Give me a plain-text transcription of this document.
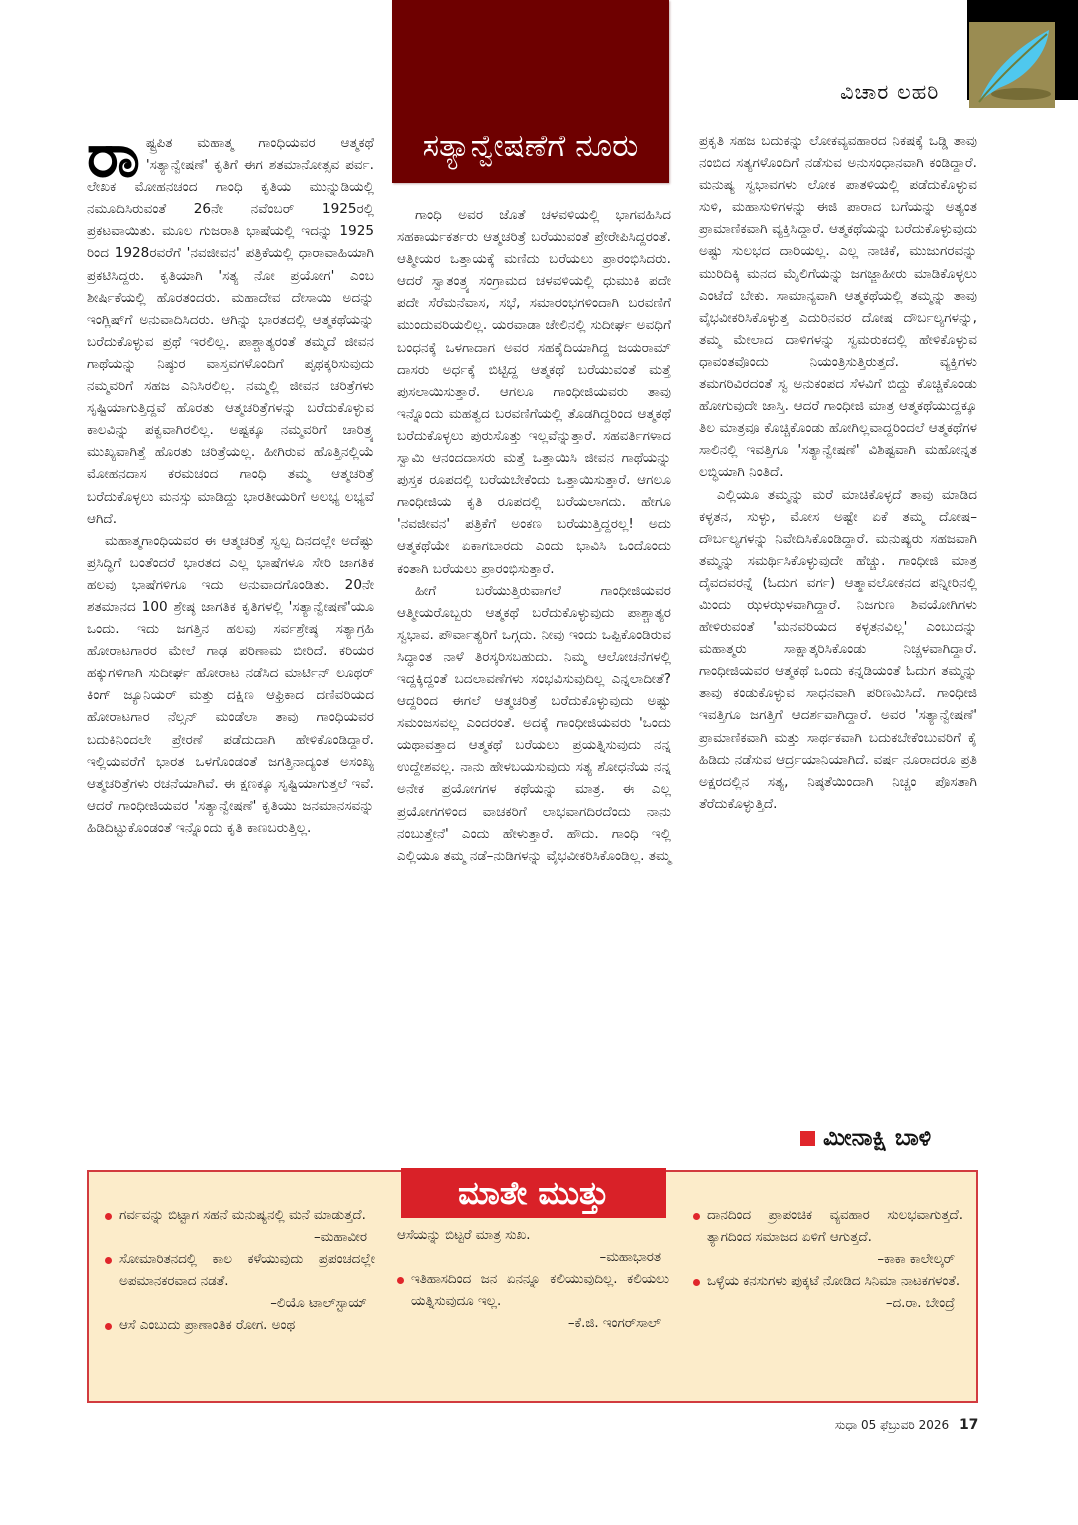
ವಿಚಾರ ಲಹರಿ
ಸತ್ಯಾನ್ವೇಷಣೆಗೆ ನೂರು

ರಾಷ್ಟ್ರಪಿತ ಮಹಾತ್ಮ ಗಾಂಧಿಯವರ ಆತ್ಮಕಥೆ 'ಸತ್ಯಾನ್ವೇಷಣೆ' ಕೃತಿಗೆ ಈಗ ಶತಮಾನೋತ್ಸವ ಪರ್ವ. ಲೇಖಕ ಮೋಹನಚಂದ ಗಾಂಧಿ ಕೃತಿಯ ಮುನ್ನುಡಿಯಲ್ಲಿ ನಮೂದಿಸಿರುವಂತೆ 26ನೇ ನವೆಂಬರ್ 1925ರಲ್ಲಿ ಪ್ರಕಟವಾಯಿತು. ಮೂಲ ಗುಜರಾತಿ ಭಾಷೆಯಲ್ಲಿ ಇದನ್ನು 1925 ರಿಂದ 1928ರವರೆಗೆ 'ನವಜೀವನ' ಪತ್ರಿಕೆಯಲ್ಲಿ ಧಾರಾವಾಹಿಯಾಗಿ ಪ್ರಕಟಿಸಿದ್ದರು. ಕೃತಿಯಾಗಿ 'ಸತ್ಯ ನೋ ಪ್ರಯೋಗ' ಎಂಬ ಶೀರ್ಷಿಕೆಯಲ್ಲಿ ಹೊರತಂದರು. ಮಹಾದೇವ ದೇಸಾಯಿ ಅದನ್ನು ಇಂಗ್ಲಿಷ್‌ಗೆ ಅನುವಾದಿಸಿದರು. ಆಗಿನ್ನು ಭಾರತದಲ್ಲಿ ಆತ್ಮಕಥೆಯನ್ನು ಬರೆದುಕೊಳ್ಳುವ ಪ್ರಥೆ ಇರಲಿಲ್ಲ. ಪಾಶ್ಚಾತ್ಯರಂತೆ ತಮ್ಮದೆ ಜೀವನ ಗಾಥೆಯನ್ನು ನಿಷ್ಠುರ ವಾಸ್ತವಗಳೊಂದಿಗೆ ಪೃಥಕ್ಕರಿಸುವುದು ನಮ್ಮವರಿಗೆ ಸಹಜ ಎನಿಸಿರಲಿಲ್ಲ. ನಮ್ಮಲ್ಲಿ ಜೀವನ ಚರಿತ್ರೆಗಳು ಸೃಷ್ಟಿಯಾಗುತ್ತಿದ್ದವೆ ಹೊರತು ಆತ್ಮಚರಿತ್ರೆಗಳನ್ನು ಬರೆದುಕೊಳ್ಳುವ ಕಾಲವಿನ್ನು ಪಕ್ವವಾಗಿರಲಿಲ್ಲ. ಅಷ್ಟಕ್ಕೂ ನಮ್ಮವರಿಗೆ ಚಾರಿತ್ರ್ಯ ಮುಖ್ಯವಾಗಿತ್ತೆ ಹೊರತು ಚರಿತ್ರೆಯಲ್ಲ. ಹೀಗಿರುವ ಹೊತ್ತಿನಲ್ಲಿಯೆ ಮೋಹನದಾಸ ಕರಮಚಂದ ಗಾಂಧಿ ತಮ್ಮ ಆತ್ಮಚರಿತ್ರೆ ಬರೆದುಕೊಳ್ಳಲು ಮನಸ್ಸು ಮಾಡಿದ್ದು ಭಾರತೀಯರಿಗೆ ಅಲಭ್ಯ ಲಭ್ಯವೆ ಆಗಿದೆ.

ಮಹಾತ್ಮಗಾಂಧಿಯವರ ಈ ಆತ್ಮಚರಿತ್ರೆ ಸ್ವಲ್ಪ ದಿನದಲ್ಲೇ ಅದೆಷ್ಟು ಪ್ರಸಿದ್ಧಿಗೆ ಬಂತೆಂದರೆ ಭಾರತದ ಎಲ್ಲ ಭಾಷೆಗಳೂ ಸೇರಿ ಜಾಗತಿಕ ಹಲವು ಭಾಷೆಗಳಿಗೂ ಇದು ಅನುವಾದಗೊಂಡಿತು. 20ನೇ ಶತಮಾನದ 100 ಶ್ರೇಷ್ಠ ಜಾಗತಿಕ ಕೃತಿಗಳಲ್ಲಿ 'ಸತ್ಯಾನ್ವೇಷಣೆ'ಯೂ ಒಂದು. ಇದು ಜಗತ್ತಿನ ಹಲವು ಸರ್ವಶ್ರೇಷ್ಠ ಸತ್ಯಾಗ್ರಹಿ ಹೋರಾಟಗಾರರ ಮೇಲೆ ಗಾಢ ಪರಿಣಾಮ ಬೀರಿದೆ. ಕರಿಯರ ಹಕ್ಕುಗಳಿಗಾಗಿ ಸುದೀರ್ಘ ಹೋರಾಟ ನಡೆಸಿದ ಮಾರ್ಟಿನ್ ಲೂಥರ್ ಕಿಂಗ್ ಜ್ಯೂನಿಯರ್ ಮತ್ತು ದಕ್ಷಿಣ ಆಫ್ರಿಕಾದ ದಣಿವರಿಯದ ಹೋರಾಟಗಾರ ನೆಲ್ಸನ್ ಮಂಡೆಲಾ ತಾವು ಗಾಂಧಿಯವರ ಬದುಕಿನಿಂದಲೇ ಪ್ರೇರಣೆ ಪಡೆದುದಾಗಿ ಹೇಳಿಕೊಂಡಿದ್ದಾರೆ. ಇಲ್ಲಿಯವರೆಗೆ ಭಾರತ ಒಳಗೊಂಡಂತೆ ಜಗತ್ತಿನಾದ್ಯಂತ ಅಸಂಖ್ಯ ಆತ್ಮಚರಿತ್ರೆಗಳು ರಚನೆಯಾಗಿವೆ. ಈ ಕ್ಷಣಕ್ಕೂ ಸೃಷ್ಟಿಯಾಗುತ್ತಲೆ ಇವೆ. ಆದರೆ ಗಾಂಧೀಜಿಯವರ 'ಸತ್ಯಾನ್ವೇಷಣೆ' ಕೃತಿಯು ಜನಮಾನಸವನ್ನು ಹಿಡಿದಿಟ್ಟುಕೊಂಡಂತೆ ಇನ್ನೊಂದು ಕೃತಿ ಕಾಣಬರುತ್ತಿಲ್ಲ.

ಗಾಂಧಿ ಅವರ ಜೊತೆ ಚಳವಳಿಯಲ್ಲಿ ಭಾಗವಹಿಸಿದ ಸಹಕಾರ್ಯಕರ್ತರು ಆತ್ಮಚರಿತ್ರೆ ಬರೆಯುವಂತೆ ಪ್ರೇರೇಪಿಸಿದ್ದರಂತೆ. ಆತ್ಮೀಯರ ಒತ್ತಾಯಕ್ಕೆ ಮಣಿದು ಬರೆಯಲು ಪ್ರಾರಂಭಿಸಿದರು. ಆದರೆ ಸ್ವಾತಂತ್ರ್ಯ ಸಂಗ್ರಾಮದ ಚಳವಳಿಯಲ್ಲಿ ಧುಮುಕಿ ಪದೇ ಪದೇ ಸೆರೆಮನೆವಾಸ, ಸಭೆ, ಸಮಾರಂಭಗಳಿಂದಾಗಿ ಬರವಣಿಗೆ ಮುಂದುವರಿಯಲಿಲ್ಲ. ಯರವಾಡಾ ಜೇಲಿನಲ್ಲಿ ಸುದೀರ್ಘ ಅವಧಿಗೆ ಬಂಧನಕ್ಕೆ ಒಳಗಾದಾಗ ಅವರ ಸಹಕೈದಿಯಾಗಿದ್ದ ಜಯರಾಮ್ ದಾಸರು ಅರ್ಧಕ್ಕೆ ಬಿಟ್ಟಿದ್ದ ಆತ್ಮಕಥೆ ಬರೆಯುವಂತೆ ಮತ್ತೆ ಪುಸಲಾಯಿಸುತ್ತಾರೆ. ಆಗಲೂ ಗಾಂಧೀಜಿಯವರು ತಾವು ಇನ್ನೊಂದು ಮಹತ್ವದ ಬರವಣಿಗೆಯಲ್ಲಿ ತೊಡಗಿದ್ದರಿಂದ ಆತ್ಮಕಥೆ ಬರೆದುಕೊಳ್ಳಲು ಪುರುಸೊತ್ತು ಇಲ್ಲವೆನ್ನುತ್ತಾರೆ. ಸಹವರ್ತಿಗಳಾದ ಸ್ವಾಮಿ ಆನಂದದಾಸರು ಮತ್ತೆ ಒತ್ತಾಯಿಸಿ ಜೀವನ ಗಾಥೆಯನ್ನು ಪುಸ್ತಕ ರೂಪದಲ್ಲಿ ಬರೆಯಬೇಕೆಂದು ಒತ್ತಾಯಿಸುತ್ತಾರೆ. ಆಗಲೂ ಗಾಂಧೀಜಿಯ ಕೃತಿ ರೂಪದಲ್ಲಿ ಬರೆಯಲಾಗದು. ಹೇಗೂ 'ನವಜೀವನ' ಪತ್ರಿಕೆಗೆ ಅಂಕಣ ಬರೆಯುತ್ತಿದ್ದರಲ್ಲ! ಅದು ಆತ್ಮಕಥೆಯೇ ಏಕಾಗಬಾರದು ಎಂದು ಭಾವಿಸಿ ಒಂದೊಂದು ಕಂತಾಗಿ ಬರೆಯಲು ಪ್ರಾರಂಭಿಸುತ್ತಾರೆ.

ಹೀಗೆ ಬರೆಯುತ್ತಿರುವಾಗಲೆ ಗಾಂಧೀಜಿಯವರ ಆತ್ಮೀಯರೊಬ್ಬರು ಆತ್ಮಕಥೆ ಬರೆದುಕೊಳ್ಳುವುದು ಪಾಶ್ಚಾತ್ಯರ ಸ್ವಭಾವ. ಪೌರ್ವಾತ್ಯರಿಗೆ ಒಗ್ಗದು. ನೀವು ಇಂದು ಒಪ್ಪಿಕೊಂಡಿರುವ ಸಿದ್ಧಾಂತ ನಾಳೆ ತಿರಸ್ಕರಿಸಬಹುದು. ನಿಮ್ಮ ಆಲೋಚನೆಗಳಲ್ಲಿ ಇದ್ದಕ್ಕಿದ್ದಂತೆ ಬದಲಾವಣೆಗಳು ಸಂಭವಿಸುವುದಿಲ್ಲ ಎನ್ನಲಾದೀತೆ? ಆದ್ದರಿಂದ ಈಗಲೆ ಆತ್ಮಚರಿತ್ರೆ ಬರೆದುಕೊಳ್ಳುವುದು ಅಷ್ಟು ಸಮಂಜಸವಲ್ಲ ಎಂದರಂತೆ. ಅದಕ್ಕೆ ಗಾಂಧೀಜಿಯವರು 'ಒಂದು ಯಥಾವತ್ತಾದ ಆತ್ಮಕಥೆ ಬರೆಯಲು ಪ್ರಯತ್ನಿಸುವುದು ನನ್ನ ಉದ್ದೇಶವಲ್ಲ. ನಾನು ಹೇಳಬಯಸುವುದು ಸತ್ಯ ಶೋಧನೆಯ ನನ್ನ ಅನೇಕ ಪ್ರಯೋಗಗಳ ಕಥೆಯನ್ನು ಮಾತ್ರ. ಈ ಎಲ್ಲ ಪ್ರಯೋಗಗಳಿಂದ ವಾಚಕರಿಗೆ ಲಾಭವಾಗದಿರದೆಂದು ನಾನು ನಂಬುತ್ತೇನೆ' ಎಂದು ಹೇಳುತ್ತಾರೆ. ಹೌದು. ಗಾಂಧಿ ಇಲ್ಲಿ ಎಲ್ಲಿಯೂ ತಮ್ಮ ನಡೆ–ನುಡಿಗಳನ್ನು ವೈಭವೀಕರಿಸಿಕೊಂಡಿಲ್ಲ. ತಮ್ಮ

ಪ್ರಕೃತಿ ಸಹಜ ಬದುಕನ್ನು ಲೋಕವ್ಯವಹಾರದ ನಿಕಷಕ್ಕೆ ಒಡ್ಡಿ ತಾವು ನಂಬಿದ ಸತ್ಯಗಳೊಂದಿಗೆ ನಡೆಸುವ ಅನುಸಂಧಾನವಾಗಿ ಕಂಡಿದ್ದಾರೆ. ಮನುಷ್ಯ ಸ್ವಭಾವಗಳು ಲೋಕ ಪಾತಳಿಯಲ್ಲಿ ಪಡೆದುಕೊಳ್ಳುವ ಸುಳಿ, ಮಹಾಸುಳಿಗಳನ್ನು ಈಜಿ ಪಾರಾದ ಬಗೆಯನ್ನು ಅತ್ಯಂತ ಪ್ರಾಮಾಣಿಕವಾಗಿ ವ್ಯಕ್ತಿಸಿದ್ದಾರೆ. ಆತ್ಮಕಥೆಯನ್ನು ಬರೆದುಕೊಳ್ಳುವುದು ಅಷ್ಟು ಸುಲಭದ ದಾರಿಯಲ್ಲ. ಎಲ್ಲ ನಾಚಿಕೆ, ಮುಜುಗರವನ್ನು ಮುರಿದಿಕ್ಕಿ ಮನದ ಮೈಲಿಗೆಯನ್ನು ಜಗಜ್ಜಾಹೀರು ಮಾಡಿಕೊಳ್ಳಲು ಎಂಟೆದೆ ಬೇಕು. ಸಾಮಾನ್ಯವಾಗಿ ಆತ್ಮಕಥೆಯಲ್ಲಿ ತಮ್ಮನ್ನು ತಾವು ವೈಭವೀಕರಿಸಿಕೊಳ್ಳುತ್ತ ಎದುರಿನವರ ದೋಷ ದೌರ್ಬಲ್ಯಗಳನ್ನು, ತಮ್ಮ ಮೇಲಾದ ದಾಳಿಗಳನ್ನು ಸ್ವಮರುಕದಲ್ಲಿ ಹೇಳಿಕೊಳ್ಳುವ ಧಾವಂತವೊಂದು ನಿಯಂತ್ರಿಸುತ್ತಿರುತ್ತದೆ. ವ್ಯಕ್ತಿಗಳು ತಮಗರಿವಿರದಂತೆ ಸ್ವ ಅನುಕಂಪದ ಸೆಳವಿಗೆ ಬಿದ್ದು ಕೊಚ್ಚಿಕೊಂಡು ಹೋಗುವುದೇ ಜಾಸ್ತಿ. ಆದರೆ ಗಾಂಧೀಜಿ ಮಾತ್ರ ಆತ್ಮಕಥೆಯುದ್ದಕ್ಕೂ ತಿಲ ಮಾತ್ರವೂ ಕೊಚ್ಚಿಕೊಂಡು ಹೋಗಿಲ್ಲವಾದ್ದರಿಂದಲೆ ಆತ್ಮಕಥೆಗಳ ಸಾಲಿನಲ್ಲಿ ಇವತ್ತಿಗೂ 'ಸತ್ಯಾನ್ವೇಷಣೆ' ವಿಶಿಷ್ಟವಾಗಿ ಮಹೋನ್ನತ ಲಬ್ಧಿಯಾಗಿ ನಿಂತಿದೆ.

ಎಲ್ಲಿಯೂ ತಮ್ಮನ್ನು ಮರೆ ಮಾಚಿಕೊಳ್ಳದೆ ತಾವು ಮಾಡಿದ ಕಳ್ಳತನ, ಸುಳ್ಳು, ಮೋಸ ಅಷ್ಟೇ ಏಕೆ ತಮ್ಮ ದೋಷ–ದೌರ್ಬಲ್ಯಗಳನ್ನು ನಿವೇದಿಸಿಕೊಂಡಿದ್ದಾರೆ. ಮನುಷ್ಯರು ಸಹಜವಾಗಿ ತಮ್ಮನ್ನು ಸಮರ್ಥಿಸಿಕೊಳ್ಳುವುದೇ ಹೆಚ್ಚು. ಗಾಂಧೀಜಿ ಮಾತ್ರ ದೈವದವರನ್ನೆ (ಓದುಗ ವರ್ಗ) ಆತ್ಮಾವಲೋಕನದ ಪನ್ನೀರಿನಲ್ಲಿ ಮಿಂದು ಝಳಝಳವಾಗಿದ್ದಾರೆ. ನಿಜಗುಣ ಶಿವಯೋಗಿಗಳು ಹೇಳಿರುವಂತೆ 'ಮನವರಿಯದ ಕಳ್ಳತನವಿಲ್ಲ' ಎಂಬುದನ್ನು ಮಹಾತ್ಮರು ಸಾಕ್ಷಾತ್ಕರಿಸಿಕೊಂಡು ನಿಚ್ಚಳವಾಗಿದ್ದಾರೆ. ಗಾಂಧೀಜಿಯವರ ಆತ್ಮಕಥೆ ಒಂದು ಕನ್ನಡಿಯಂತೆ ಓದುಗ ತಮ್ಮನ್ನು ತಾವು ಕಂಡುಕೊಳ್ಳುವ ಸಾಧನವಾಗಿ ಪರಿಣಮಿಸಿದೆ. ಗಾಂಧೀಜಿ ಇವತ್ತಿಗೂ ಜಗತ್ತಿಗೆ ಆದರ್ಶವಾಗಿದ್ದಾರೆ. ಅವರ 'ಸತ್ಯಾನ್ವೇಷಣೆ' ಪ್ರಾಮಾಣಿಕವಾಗಿ ಮತ್ತು ಸಾರ್ಥಕವಾಗಿ ಬದುಕಬೇಕೆಂಬುವರಿಗೆ ಕೈ ಹಿಡಿದು ನಡೆಸುವ ಆರ್ದ್ರಯಾನಿಯಾಗಿದೆ. ವರ್ಷ ನೂರಾದರೂ ಪ್ರತಿ ಅಕ್ಷರದಲ್ಲಿನ ಸತ್ಯ, ನಿಷ್ಠತೆಯಿಂದಾಗಿ ನಿಚ್ಚಂ ಪೊಸತಾಗಿ ತೆರೆದುಕೊಳ್ಳುತ್ತಿದೆ.

ಮೀನಾಕ್ಷಿ ಬಾಳಿ
ಮಾತೇ ಮುತ್ತು
ಗರ್ವವನ್ನು ಬಿಟ್ಟಾಗ ಸಹನೆ ಮನುಷ್ಯನಲ್ಲಿ ಮನೆ ಮಾಡುತ್ತದೆ.
–ಮಹಾವೀರ
ಸೋಮಾರಿತನದಲ್ಲಿ ಕಾಲ ಕಳೆಯುವುದು ಪ್ರಪಂಚದಲ್ಲೇ ಅಪಮಾನಕರವಾದ ನಡತೆ.
–ಲಿಯೊ ಟಾಲ್‌ಸ್ಟಾಯ್
ಆಸೆ ಎಂಬುದು ಪ್ರಾಣಾಂತಿಕ ರೋಗ. ಅಂಥ
ಆಸೆಯನ್ನು ಬಿಟ್ಟರೆ ಮಾತ್ರ ಸುಖ.
–ಮಹಾಭಾರತ
ಇತಿಹಾಸದಿಂದ ಜನ ಏನನ್ನೂ ಕಲಿಯುವುದಿಲ್ಲ. ಕಲಿಯಲು ಯತ್ನಿಸುವುದೂ ಇಲ್ಲ.
–ಕೆ.ಜಿ. ಇಂಗರ್‌ಸಾಲ್
ದಾನದಿಂದ ಪ್ರಾಪಂಚಿಕ ವ್ಯವಹಾರ ಸುಲಭವಾಗುತ್ತದೆ. ತ್ಯಾಗದಿಂದ ಸಮಾಜದ ಏಳಿಗೆ ಆಗುತ್ತದೆ.
–ಕಾಕಾ ಕಾಲೇಲ್ಕರ್
ಒಳ್ಳೆಯ ಕನಸುಗಳು ಪುಕ್ಕಟೆ ನೋಡಿದ ಸಿನಿಮಾ ನಾಟಕಗಳಂತೆ.
–ದ.ರಾ. ಬೇಂದ್ರೆ
ಸುಧಾ 05 ಫೆಬ್ರುವರಿ 2026 17
